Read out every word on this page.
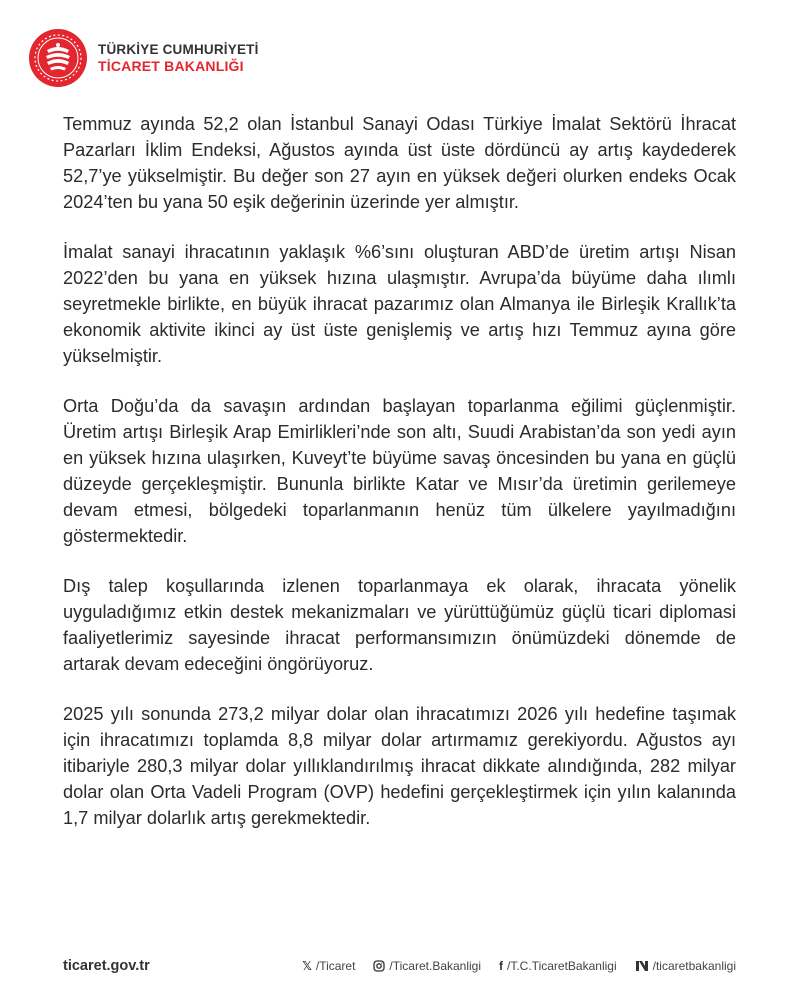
TÜRKİYE CUMHURİYETİ
TİCARET BAKANLIĞI

Temmuz ayında 52,2 olan İstanbul Sanayi Odası Türkiye İmalat Sektörü İhracat Pazarları İklim Endeksi, Ağustos ayında üst üste dördüncü ay artış kaydederek 52,7’ye yükselmiştir. Bu değer son 27 ayın en yüksek değeri olurken endeks Ocak 2024’ten bu yana 50 eşik değerinin üzerinde yer almıştır.

İmalat sanayi ihracatının yaklaşık %6’sını oluşturan ABD’de üretim artışı Nisan 2022’den bu yana en yüksek hızına ulaşmıştır. Avrupa’da büyüme daha ılımlı seyretmekle birlikte, en büyük ihracat pazarımız olan Almanya ile Birleşik Krallık’ta ekonomik aktivite ikinci ay üst üste genişlemiş ve artış hızı Temmuz ayına göre yükselmiştir.

Orta Doğu’da da savaşın ardından başlayan toparlanma eğilimi güçlenmiştir. Üretim artışı Birleşik Arap Emirlikleri’nde son altı, Suudi Arabistan’da son yedi ayın en yüksek hızına ulaşırken, Kuveyt’te büyüme savaş öncesinden bu yana en güçlü düzeyde gerçekleşmiştir. Bununla birlikte Katar ve Mısır’da üretimin gerilemeye devam etmesi, bölgedeki toparlanmanın henüz tüm ülkelere yayılmadığını göstermektedir.

Dış talep koşullarında izlenen toparlanmaya ek olarak, ihracata yönelik uyguladığımız etkin destek mekanizmaları ve yürüttüğümüz güçlü ticari diplomasi faaliyetlerimiz sayesinde ihracat performansımızın önümüzdeki dönemde de artarak devam edeceğini öngörüyoruz.

2025 yılı sonunda 273,2 milyar dolar olan ihracatımızı 2026 yılı hedefine taşımak için ihracatımızı toplamda 8,8 milyar dolar artırmamız gerekiyordu. Ağustos ayı itibariyle 280,3 milyar dolar yıllıklandırılmış ihracat dikkate alındığında, 282 milyar dolar olan Orta Vadeli Program (OVP) hedefini gerçekleştirmek için yılın kalanında 1,7 milyar dolarlık artış gerekmektedir.

ticaret.gov.tr	𝕏 /Ticaret	/Ticaret.Bakanligi f /T.C.TicaretBakanligi	/ticaretbakanligi
